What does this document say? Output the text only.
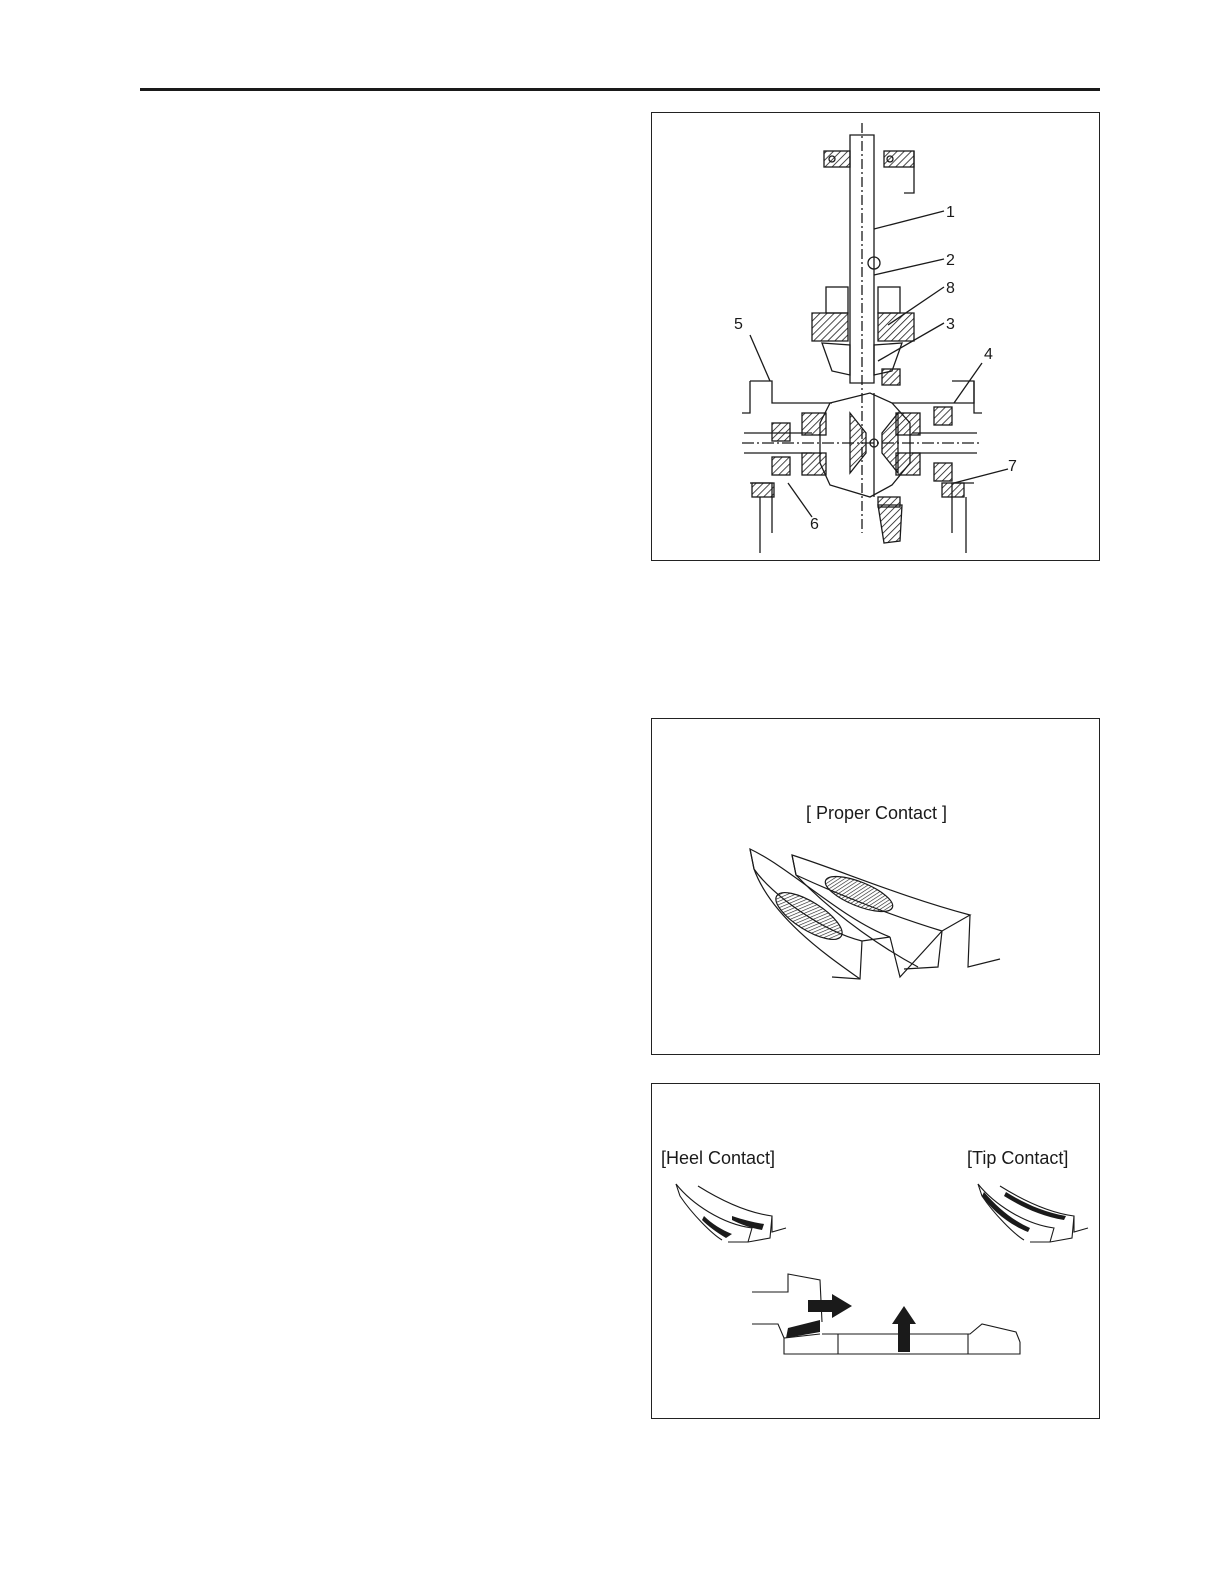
1
2
8
3
5
4
7
6
[ Proper Contact ]
[Heel Contact]	[Tip Contact]
